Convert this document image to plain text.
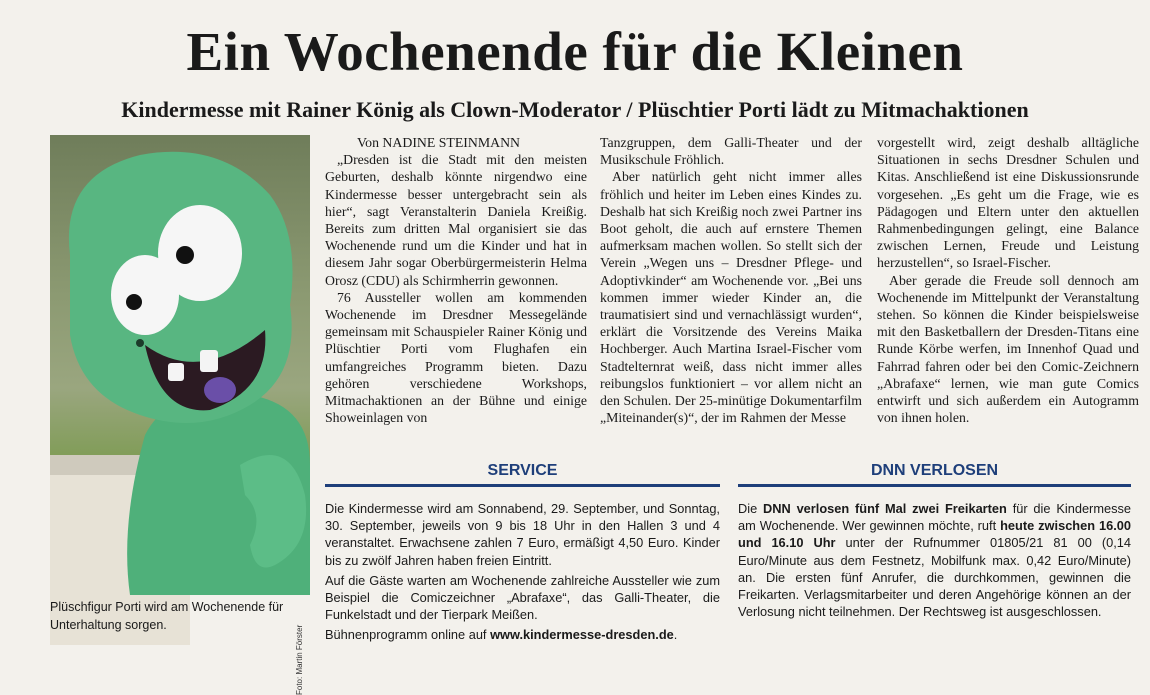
Ein Wochenende für die Kleinen
Kindermesse mit Rainer König als Clown-Moderator / Plüschtier Porti lädt zu Mitmachaktionen
Foto: Martin Förster
Plüschfigur Porti wird am Wochenende für Unterhaltung sorgen.

Von NADINE STEINMANN

„Dresden ist die Stadt mit den meisten Geburten, deshalb könnte nirgendwo eine Kindermesse besser untergebracht sein als hier“, sagt Veranstalterin Daniela Kreißig. Bereits zum dritten Mal organisiert sie das Wochenende rund um die Kinder und hat in diesem Jahr sogar Oberbürgermeisterin Helma Orosz (CDU) als Schirmherrin gewonnen.

76 Aussteller wollen am kommenden Wochenende im Dresdner Messegelände gemeinsam mit Schauspieler Rainer König und Plüschtier Porti vom Flughafen ein umfangreiches Programm bieten. Dazu gehören verschiedene Workshops, Mitmachaktionen an der Bühne und einige Showeinlagen von

Tanzgruppen, dem Galli-Theater und der Musikschule Fröhlich.

Aber natürlich geht nicht immer alles fröhlich und heiter im Leben eines Kindes zu. Deshalb hat sich Kreißig noch zwei Partner ins Boot geholt, die auch auf ernstere Themen aufmerksam machen wollen. So stellt sich der Verein „Wegen uns – Dresdner Pflege- und Adoptivkinder“ am Wochenende vor. „Bei uns kommen immer wieder Kinder an, die traumatisiert sind und vernachlässigt wurden“, erklärt die Vorsitzende des Vereins Maika Hochberger. Auch Martina Israel-Fischer vom Stadtelternrat weiß, dass nicht immer alles reibungslos funktioniert – vor allem nicht an den Schulen. Der 25-minütige Dokumentarfilm „Miteinander(s)“, der im Rahmen der Messe

vorgestellt wird, zeigt deshalb alltägliche Situationen in sechs Dresdner Schulen und Kitas. Anschließend ist eine Diskussionsrunde vorgesehen. „Es geht um die Frage, wie es Pädagogen und Eltern unter den aktuellen Rahmenbedingungen gelingt, eine Balance zwischen Lernen, Freude und Leistung herzustellen“, so Israel-Fischer.

Aber gerade die Freude soll dennoch am Wochenende im Mittelpunkt der Veranstaltung stehen. So können die Kinder beispielsweise mit den Basketballern der Dresden-Titans eine Runde Körbe werfen, im Innenhof Quad und Fahrrad fahren oder bei den Comic-Zeichnern „Abrafaxe“ lernen, wie man gute Comics entwirft und sich außerdem ein Autogramm von ihnen holen.

SERVICE	DNN VERLOSEN

Die Kindermesse wird am Sonnabend, 29. September, und Sonntag, 30. September, jeweils von 9 bis 18 Uhr in den Hallen 3 und 4 veranstaltet. Erwachsene zahlen 7 Euro, ermäßigt 4,50 Euro. Kinder bis zu zwölf Jahren haben freien Eintritt.

Auf die Gäste warten am Wochenende zahlreiche Aussteller wie zum Beispiel die Comiczeichner „Abrafaxe“, das Galli-Theater, die Funkelstadt und der Tierpark Meißen.

Bühnenprogramm online auf www.kindermesse-dresden.de.

Die DNN verlosen fünf Mal zwei Freikarten für die Kindermesse am Wochenende. Wer gewinnen möchte, ruft heute zwischen 16.00 und 16.10 Uhr unter der Rufnummer 01805/21 81 00 (0,14 Euro/Minute aus dem Festnetz, Mobilfunk max. 0,42 Euro/Minute) an. Die ersten fünf Anrufer, die durchkommen, gewinnen die Freikarten. Verlagsmitarbeiter und deren Angehörige können an der Verlosung nicht teilnehmen. Der Rechtsweg ist ausgeschlossen.
